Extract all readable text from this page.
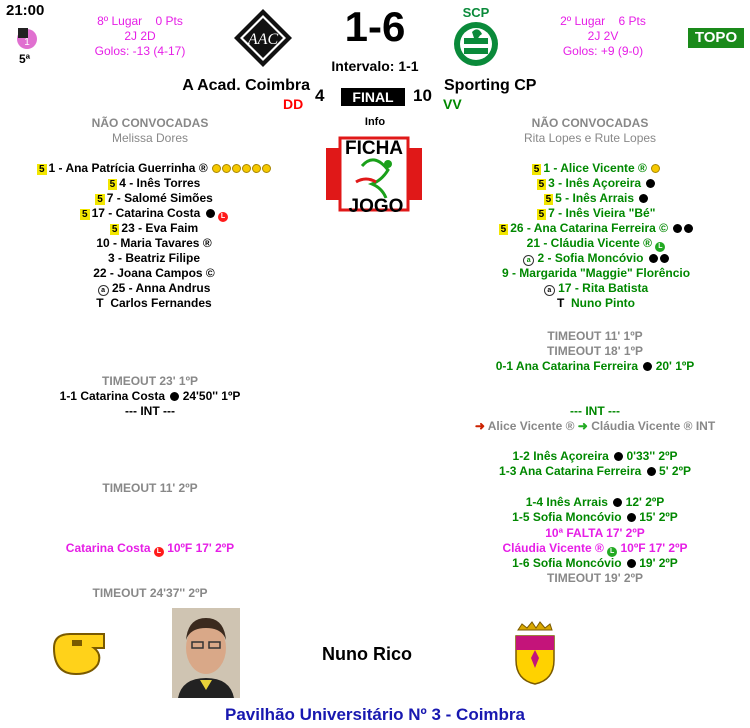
21:00
1
5ª
8º Lugar 0 Pts
2J 2D
Golos: -13 (4-17)
AAC	1-6
Intervalo: 1-1
SCP
2º Lugar 6 Pts
2J 2V
Golos: +9 (9-0)
TOPO
A Acad. Coimbra
DD 4	FINAL	10
Sporting CP
VV
Info
FICHA
JOGO
NÃO CONVOCADAS
Melissa Dores
NÃO CONVOCADAS
Rita Lopes e Rute Lopes
5 1 - Ana Patrícia Guerrinha ®
5 4 - Inês Torres
5 7 - Salomé Simões
5 17 - Catarina Costa	L
5 23 - Eva Faim
10 - Maria Tavares ®
3 - Beatriz Filipe
22 - Joana Campos ©
a 25 - Anna Andrus
T Carlos Fernandes
5 1 - Alice Vicente ®
5 3 - Inês Açoreira
5 5 - Inês Arrais
5 7 - Inês Vieira "Bé"
5 26 - Ana Catarina Ferreira ©
21 - Cláudia Vicente ® L
a 2 - Sofia Moncóvio
9 - Margarida "Maggie" Florêncio
a 17 - Rita Batista
T Nuno Pinto
TIMEOUT 23' 1ºP
1-1 Catarina Costa 24'50'' 1ºP
--- INT ---
TIMEOUT 11' 2ºP
Catarina Costa L 10ºF 17' 2ºP
TIMEOUT 24'37'' 2ºP
TIMEOUT 11' 1ºP
TIMEOUT 18' 1ºP
0-1 Ana Catarina Ferreira 20' 1ºP
--- INT ---
➜ Alice Vicente ® ➜ Cláudia Vicente ® INT
1-2 Inês Açoreira 0'33'' 2ºP
1-3 Ana Catarina Ferreira 5' 2ºP
1-4 Inês Arrais 12' 2ºP
1-5 Sofia Moncóvio 15' 2ºP
10ª FALTA 17' 2ºP
Cláudia Vicente ® L 10ºF 17' 2ºP
1-6 Sofia Moncóvio 19' 2ºP
TIMEOUT 19' 2ºP
Nuno Rico
Pavilhão Universitário Nº 3 - Coimbra
